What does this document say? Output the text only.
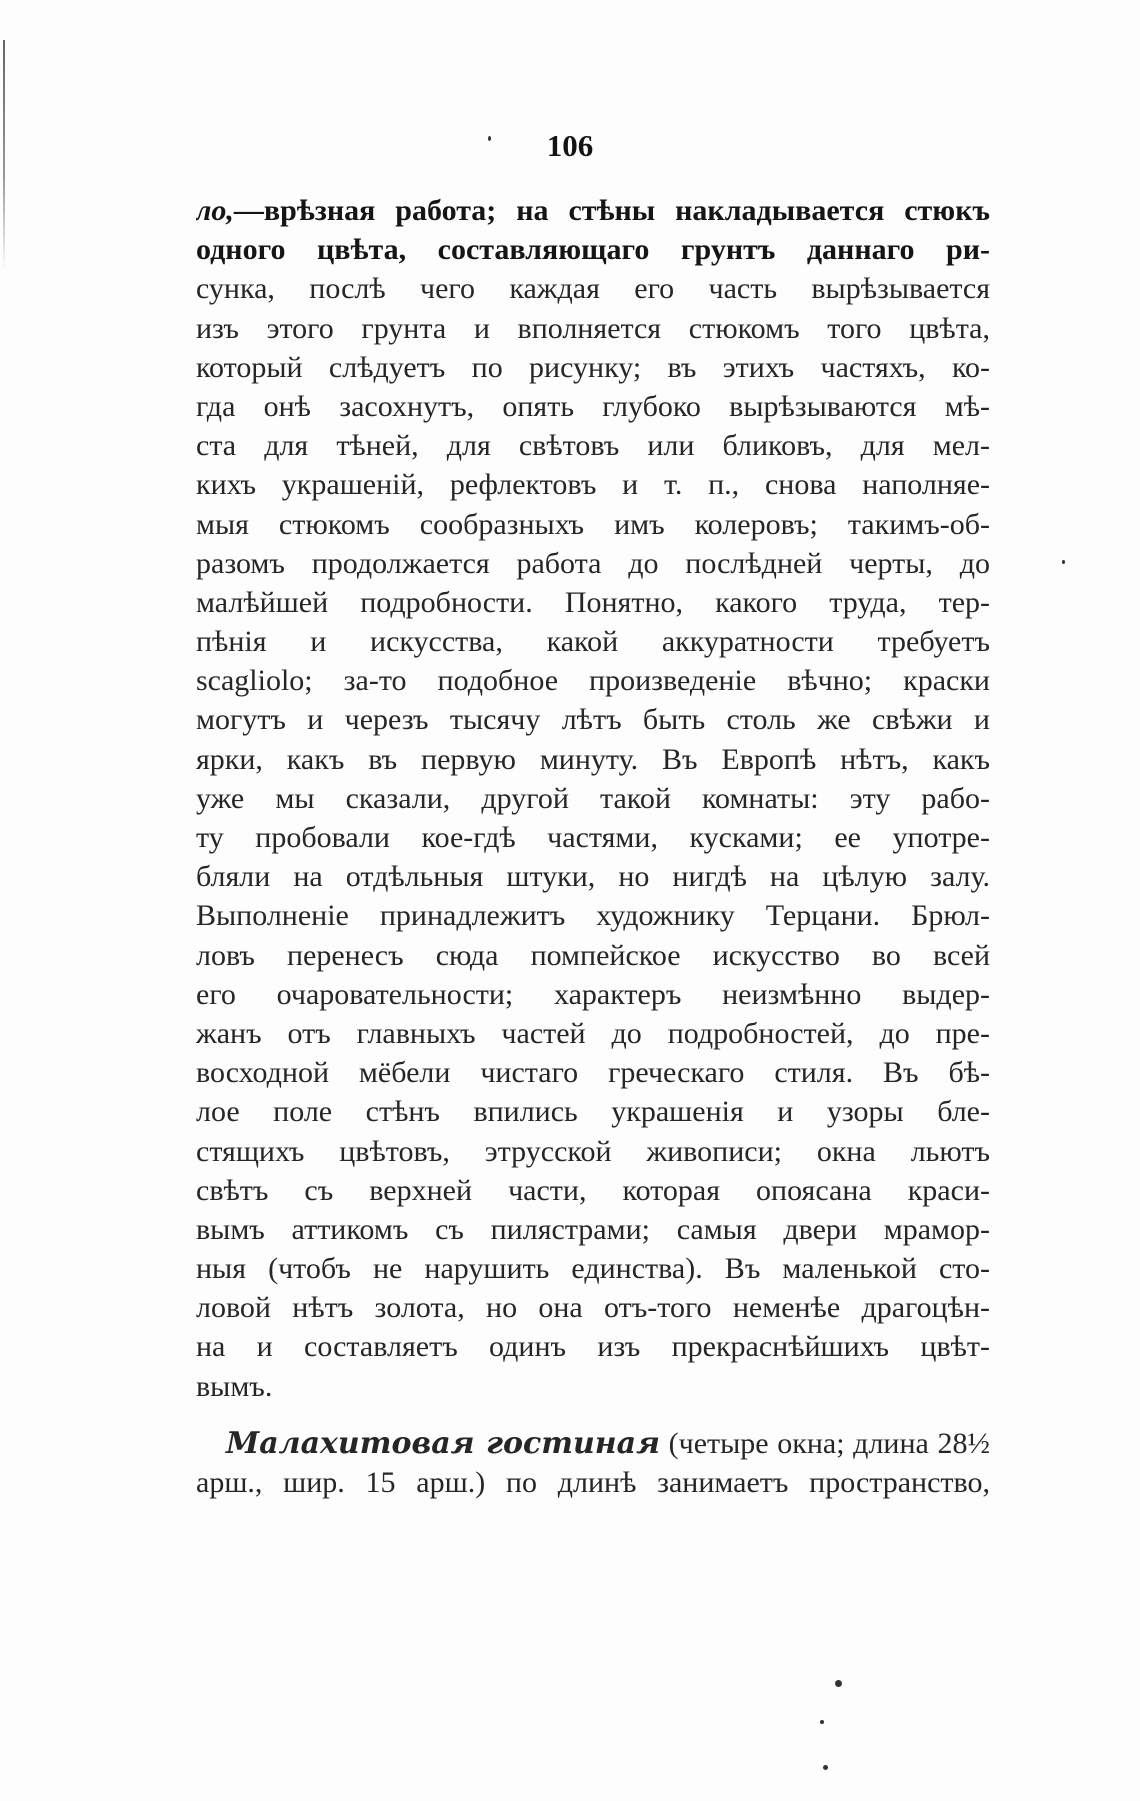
106
ло,—врѣзная работа; на стѣны накладывается стюкъ
одного цвѣта, составляющаго грунтъ даннаго ри-
сунка, послѣ чего каждая его часть вырѣзывается
изъ этого грунта и вполняется стюкомъ того цвѣта,
который слѣдуетъ по рисунку; въ этихъ частяхъ, ко-
гда онѣ засохнутъ, опять глубоко вырѣзываются мѣ-
ста для тѣней, для свѣтовъ или бликовъ, для мел-
кихъ украшеній, рефлектовъ и т. п., снова наполняе-
мыя стюкомъ сообразныхъ имъ колеровъ; такимъ-об-
разомъ продолжается работа до послѣдней черты, до
малѣйшей подробности. Понятно, какого труда, тер-
пѣнія и искусства, какой аккуратности требуетъ
scagliolo; за-то подобное произведеніе вѣчно; краски
могутъ и черезъ тысячу лѣтъ быть столь же свѣжи и
ярки, какъ въ первую минуту. Въ Европѣ нѣтъ, какъ
уже мы сказали, другой такой комнаты: эту рабо-
ту пробовали кое-гдѣ частями, кусками; ее употре-
бляли на отдѣльныя штуки, но нигдѣ на цѣлую залу.
Выполненіе принадлежитъ художнику Терцани. Брюл-
ловъ перенесъ сюда помпейское искусство во всей
его очаровательности; характеръ неизмѣнно выдер-
жанъ отъ главныхъ частей до подробностей, до пре-
восходной мёбели чистаго греческаго стиля. Въ бѣ-
лое поле стѣнъ впились украшенія и узоры бле-
стящихъ цвѣтовъ, этрусской живописи; окна льютъ
свѣтъ съ верхней части, которая опоясана краси-
вымъ аттикомъ съ пилястрами; самыя двери мрамор-
ныя (чтобъ не нарушить единства). Въ маленькой сто-
ловой нѣтъ золота, но она отъ-того неменѣе драгоцѣн-
на и составляетъ одинъ изъ прекраснѣйшихъ цвѣт-
вымъ.
Малахитовая гостиная (четыре окна; длина 28½
арш., шир. 15 арш.) по длинѣ занимаетъ пространство,
